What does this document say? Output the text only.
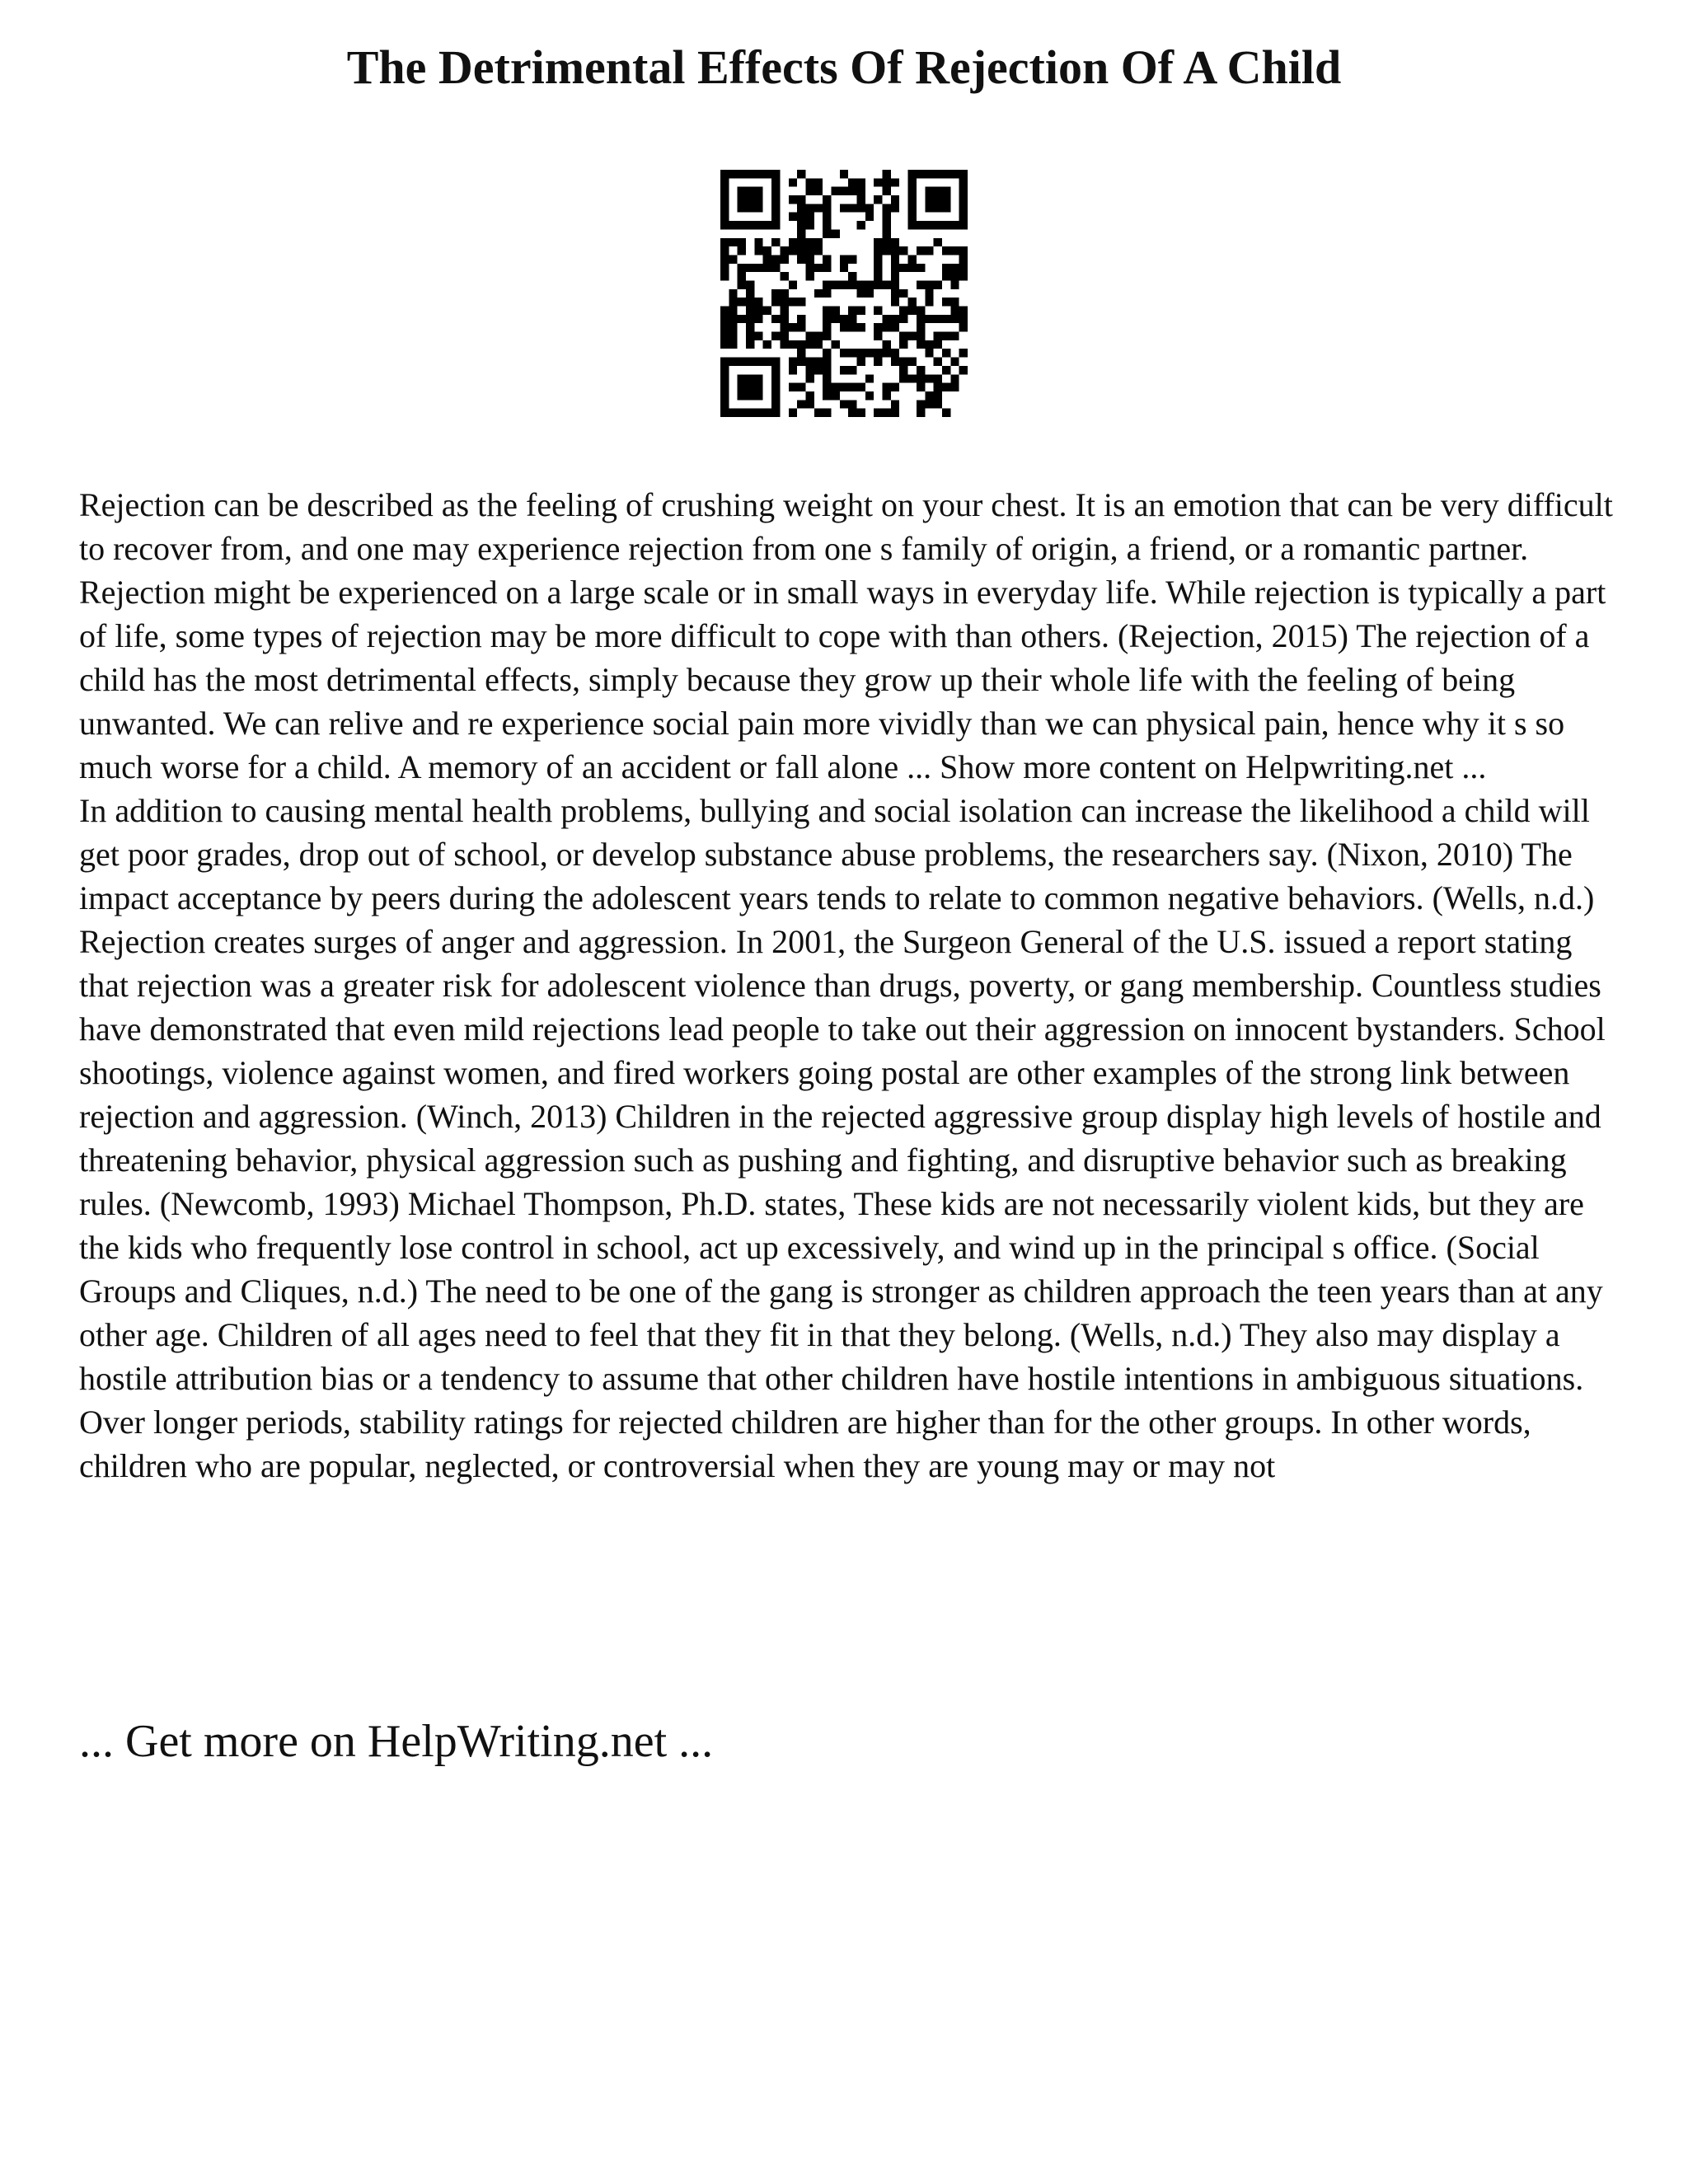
The Detrimental Effects Of Rejection Of A Child

Rejection can be described as the feeling of crushing weight on your chest. It is an emotion that can be very difficult to recover from, and one may experience rejection from one s family of origin, a friend, or a romantic partner. Rejection might be experienced on a large scale or in small ways in everyday life. While rejection is typically a part of life, some types of rejection may be more difficult to cope with than others. (Rejection, 2015) The rejection of a child has the most detrimental effects, simply because they grow up their whole life with the feeling of being unwanted. We can relive and re experience social pain more vividly than we can physical pain, hence why it s so much worse for a child. A memory of an accident or fall alone ... Show more content on Helpwriting.net ...

In addition to causing mental health problems, bullying and social isolation can increase the likelihood a child will get poor grades, drop out of school, or develop substance abuse problems, the researchers say. (Nixon, 2010) The impact acceptance by peers during the adolescent years tends to relate to common negative behaviors. (Wells, n.d.) Rejection creates surges of anger and aggression. In 2001, the Surgeon General of the U.S. issued a report stating that rejection was a greater risk for adolescent violence than drugs, poverty, or gang membership. Countless studies have demonstrated that even mild rejections lead people to take out their aggression on innocent bystanders. School shootings, violence against women, and fired workers going postal are other examples of the strong link between rejection and aggression. (Winch, 2013) Children in the rejected aggressive group display high levels of hostile and threatening behavior, physical aggression such as pushing and fighting, and disruptive behavior such as breaking rules. (Newcomb, 1993) Michael Thompson, Ph.D. states, These kids are not necessarily violent kids, but they are the kids who frequently lose control in school, act up excessively, and wind up in the principal s office. (Social Groups and Cliques, n.d.) The need to be one of the gang is stronger as children approach the teen years than at any other age. Children of all ages need to feel that they fit in that they belong. (Wells, n.d.) They also may display a hostile attribution bias or a tendency to assume that other children have hostile intentions in ambiguous situations. Over longer periods, stability ratings for rejected children are higher than for the other groups. In other words, children who are popular, neglected, or controversial when they are young may or may not

... Get more on HelpWriting.net ...
